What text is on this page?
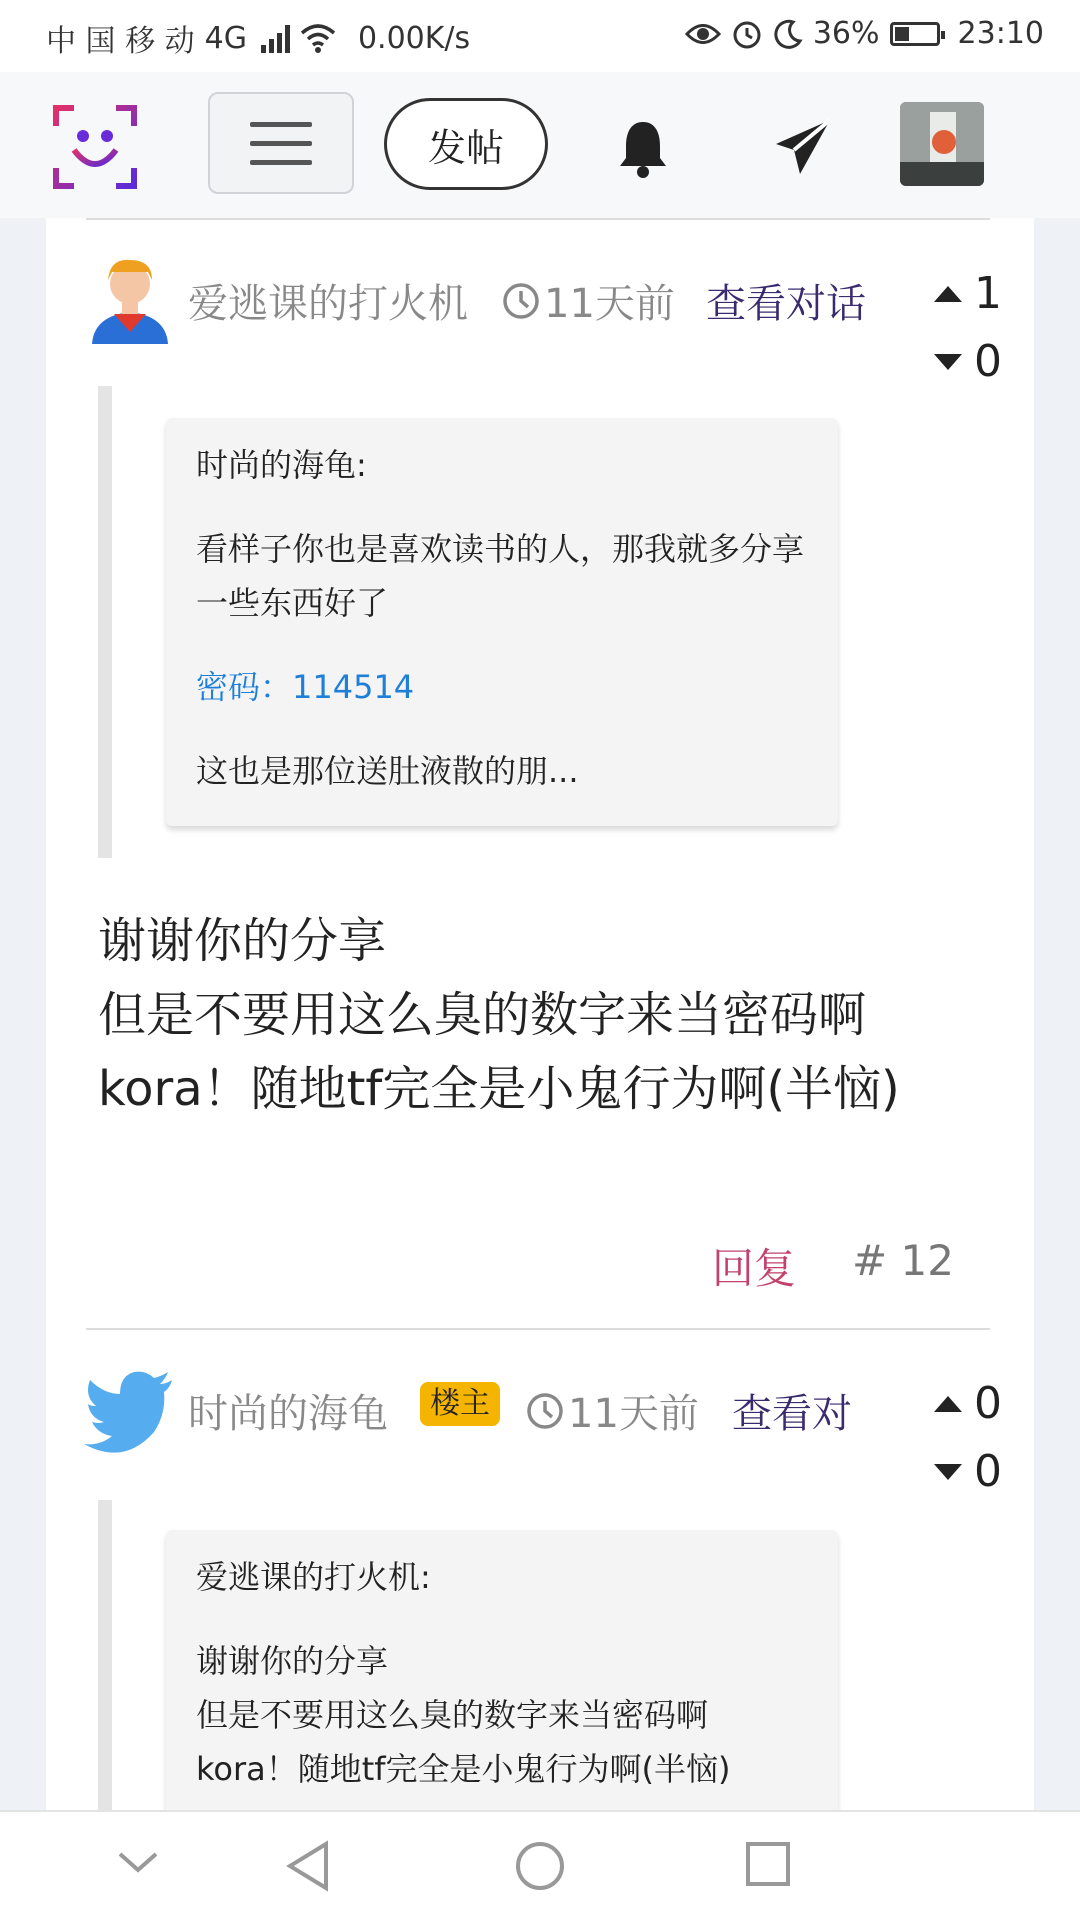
中 国 移 动 4G	0.00K/s	36%	23:10
发帖
爱逃课的打火机 11天前 查看对话 1
0

时尚的海龟:

看样子你也是喜欢读书的人，那我就多分享一些东西好了

密码：114514

这也是那位送肚液散的朋...

谢谢你的分享
但是不要用这么臭的数字来当密码啊kora！随地tf完全是小鬼行为啊(半恼)
回复 # 12
时尚的海龟	楼主 11天前 查看对	0
0

爱逃课的打火机:

谢谢你的分享
但是不要用这么臭的数字来当密码啊kora！随地tf完全是小鬼行为啊(半恼)
